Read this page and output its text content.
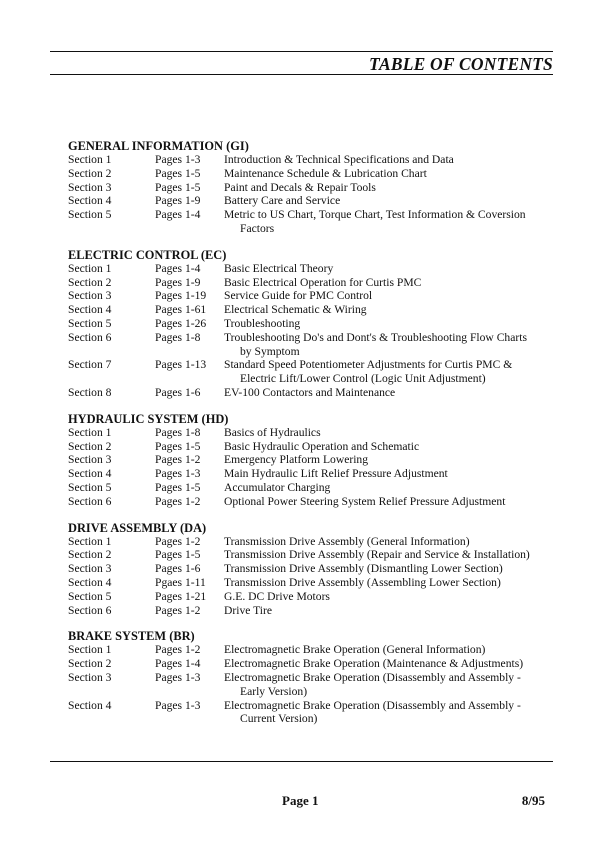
TABLE OF CONTENTS
GENERAL INFORMATION (GI)
Section 1	Pages 1-3	Introduction & Technical Specifications and Data
Section 2	Pages 1-5	Maintenance Schedule & Lubrication Chart
Section 3	Pages 1-5	Paint and Decals & Repair Tools
Section 4	Pages 1-9	Battery Care and Service
Section 5	Pages 1-4	Metric to US Chart, Torque Chart, Test Information & Coversion
Factors
ELECTRIC CONTROL (EC)
Section 1	Pages 1-4	Basic Electrical Theory
Section 2	Pages 1-9	Basic Electrical Operation for Curtis PMC
Section 3	Pages 1-19	Service Guide for PMC Control
Section 4	Pages 1-61	Electrical Schematic & Wiring
Section 5	Pages 1-26	Troubleshooting
Section 6	Pages 1-8	Troubleshooting Do's and Dont's & Troubleshooting Flow Charts
by Symptom
Section 7	Pages 1-13	Standard Speed Potentiometer Adjustments for Curtis PMC &
Electric Lift/Lower Control (Logic Unit Adjustment)
Section 8	Pages 1-6	EV-100 Contactors and Maintenance
HYDRAULIC SYSTEM (HD)
Section 1	Pages 1-8	Basics of Hydraulics
Section 2	Pages 1-5	Basic Hydraulic Operation and Schematic
Section 3	Pages 1-2	Emergency Platform Lowering
Section 4	Pages 1-3	Main Hydraulic Lift Relief Pressure Adjustment
Section 5	Pages 1-5	Accumulator Charging
Section 6	Pages 1-2	Optional Power Steering System Relief Pressure Adjustment
DRIVE ASSEMBLY (DA)
Section 1	Pages 1-2	Transmission Drive Assembly (General Information)
Section 2	Pages 1-5	Transmission Drive Assembly (Repair and Service & Installation)
Section 3	Pages 1-6	Transmission Drive Assembly (Dismantling Lower Section)
Section 4	Pgaes 1-11	Transmission Drive Assembly (Assembling Lower Section)
Section 5	Pages 1-21	G.E. DC Drive Motors
Section 6	Pages 1-2	Drive Tire
BRAKE SYSTEM (BR)
Section 1	Pages 1-2	Electromagnetic Brake Operation (General Information)
Section 2	Pages 1-4	Electromagnetic Brake Operation (Maintenance & Adjustments)
Section 3	Pages 1-3	Electromagnetic Brake Operation (Disassembly and Assembly -
Early Version)
Section 4	Pages 1-3	Electromagnetic Brake Operation (Disassembly and Assembly -
Current Version)
Page 1	8/95
